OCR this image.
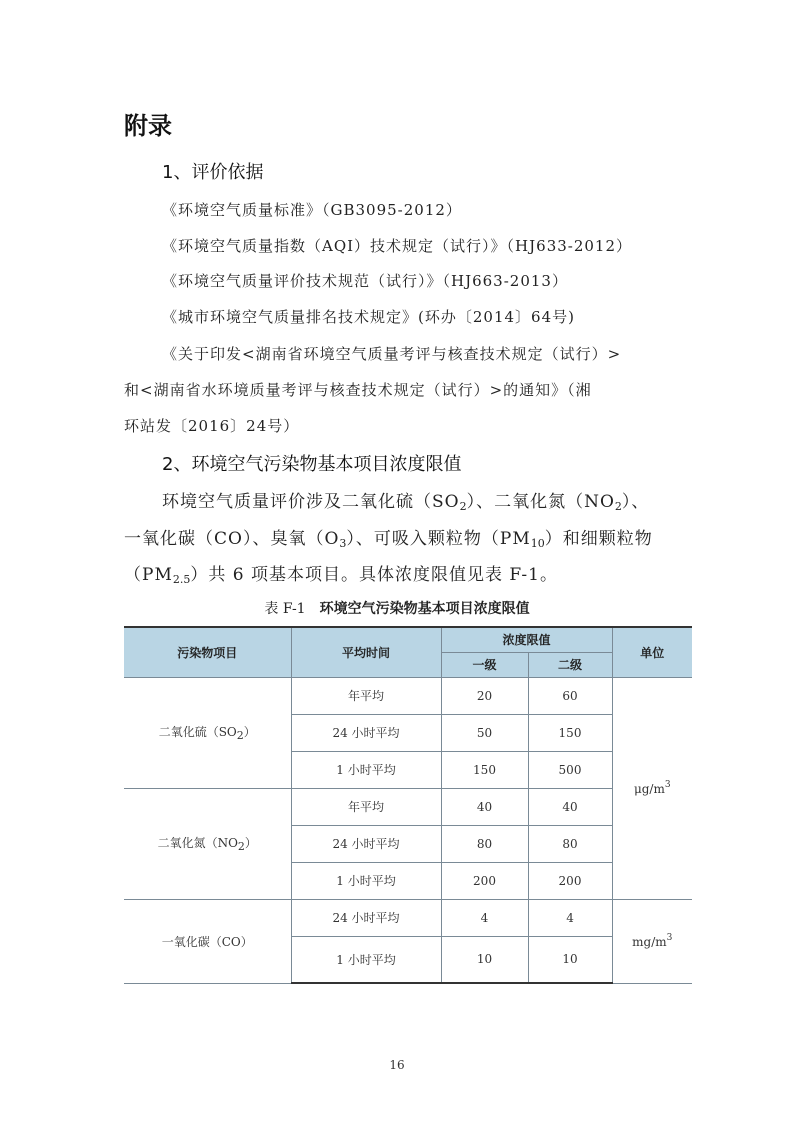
附录
1、评价依据
《环境空气质量标准》（GB3095-2012）
《环境空气质量指数（AQI）技术规定（试行）》（HJ633-2012）
《环境空气质量评价技术规范（试行）》（HJ663-2013）
《城市环境空气质量排名技术规定》(环办〔2014〕64号)
《关于印发<湖南省环境空气质量考评与核查技术规定（试行）>
和<湖南省水环境质量考评与核查技术规定（试行）>的通知》（湘
环站发〔2016〕24号）
2、环境空气污染物基本项目浓度限值
环境空气质量评价涉及二氧化硫$(SO_2)$、二氧化氮$(NO_2)$、
一氧化碳（CO）、臭氧$(O_3)$、可吸入颗粒物$(PM_{10})$和细颗粒物
$(PM_{2.5})$共 6 项基本项目。具体浓度限值见表 F-1。
表 F-1 环境空气污染物基本项目浓度限值
污染物项目	平均时间	浓度限值		单位
		一级	二级	
二氧化硫$(SO_2)$	年平均	20	60	$\mu g/m^3$
	24 小时平均	50	150	
	1 小时平均	150	500	
二氧化氮$(NO_2)$	年平均	40	40	
	24 小时平均	80	80	
	1 小时平均	200	200	
一氧化碳（CO）	24 小时平均	4	4	$mg/m^3$
	1 小时平均	10	10	
16
